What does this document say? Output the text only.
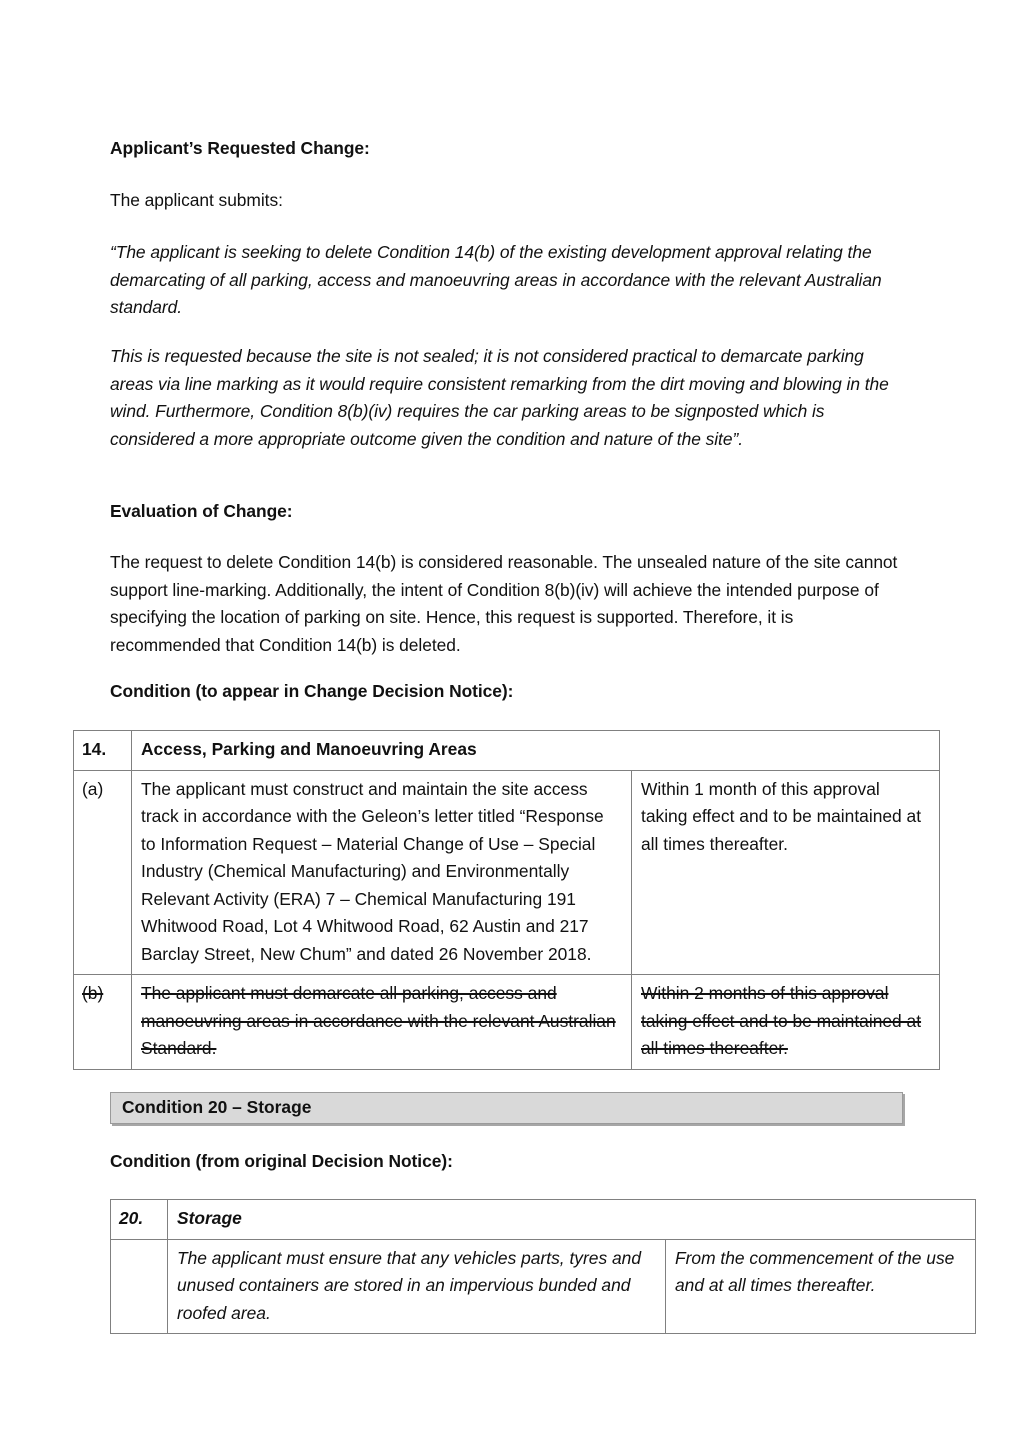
Applicant’s Requested Change:
The applicant submits:
“The applicant is seeking to delete Condition 14(b) of the existing development approval relating the demarcating of all parking, access and manoeuvring areas in accordance with the relevant Australian standard.
This is requested because the site is not sealed; it is not considered practical to demarcate parking areas via line marking as it would require consistent remarking from the dirt moving and blowing in the wind. Furthermore, Condition 8(b)(iv) requires the car parking areas to be signposted which is considered a more appropriate outcome given the condition and nature of the site”.
Evaluation of Change:
The request to delete Condition 14(b) is considered reasonable. The unsealed nature of the site cannot support line-marking. Additionally, the intent of Condition 8(b)(iv) will achieve the intended purpose of specifying the location of parking on site. Hence, this request is supported. Therefore, it is recommended that Condition 14(b) is deleted.
Condition (to appear in Change Decision Notice):
14.	Access, Parking and Manoeuvring Areas	
(a)	The applicant must construct and maintain the site access track in accordance with the Geleon’s letter titled “Response to Information Request – Material Change of Use – Special Industry (Chemical Manufacturing) and Environmentally Relevant Activity (ERA) 7 – Chemical Manufacturing 191 Whitwood Road, Lot 4 Whitwood Road, 62 Austin and 217 Barclay Street, New Chum” and dated 26 November 2018.	Within 1 month of this approval taking effect and to be maintained at all times thereafter.
(b)	The applicant must demarcate all parking, access and manoeuvring areas in accordance with the relevant Australian Standard.	Within 2 months of this approval taking effect and to be maintained at all times thereafter.
Condition 20 – Storage
Condition (from original Decision Notice):
20.	Storage	
	The applicant must ensure that any vehicles parts, tyres and unused containers are stored in an impervious bunded and roofed area.	From the commencement of the use and at all times thereafter.
